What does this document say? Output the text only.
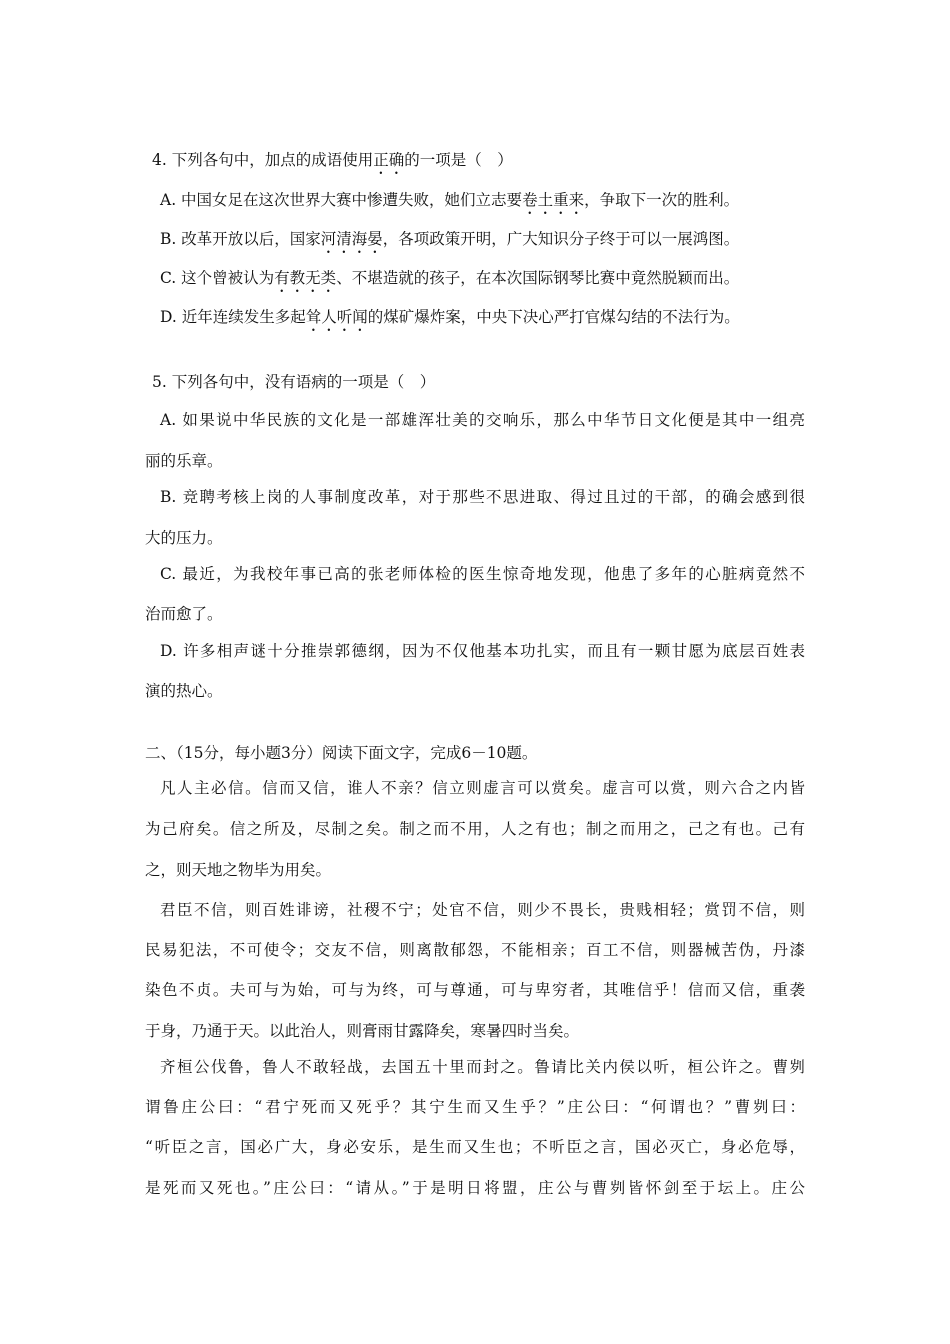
4. 下列各句中，加点的成语使用正确的一项是（　）
A. 中国女足在这次世界大赛中惨遭失败，她们立志要卷土重来，争取下一次的胜利。
B. 改革开放以后，国家河清海晏，各项政策开明，广大知识分子终于可以一展鸿图。
C. 这个曾被认为有教无类、不堪造就的孩子，在本次国际钢琴比赛中竟然脱颖而出。
D. 近年连续发生多起耸人听闻的煤矿爆炸案，中央下决心严打官煤勾结的不法行为。
5. 下列各句中，没有语病的一项是（　）
A. 如果说中华民族的文化是一部雄浑壮美的交响乐，那么中华节日文化便是其中一组亮
丽的乐章。
B. 竞聘考核上岗的人事制度改革，对于那些不思进取、得过且过的干部，的确会感到很
大的压力。
C. 最近，为我校年事已高的张老师体检的医生惊奇地发现，他患了多年的心脏病竟然不
治而愈了。
D. 许多相声谜十分推崇郭德纲，因为不仅他基本功扎实，而且有一颗甘愿为底层百姓表
演的热心。
二、（15分，每小题3分）阅读下面文字，完成6－10题。
凡人主必信。信而又信，谁人不亲？信立则虚言可以赏矣。虚言可以赏，则六合之内皆
为己府矣。信之所及，尽制之矣。制之而不用，人之有也；制之而用之，己之有也。己有
之，则天地之物毕为用矣。
君臣不信，则百姓诽谤，社稷不宁；处官不信，则少不畏长，贵贱相轻；赏罚不信，则
民易犯法，不可使令；交友不信，则离散郁怨，不能相亲；百工不信，则器械苦伪，丹漆
染色不贞。夫可与为始，可与为终，可与尊通，可与卑穷者，其唯信乎！信而又信，重袭
于身，乃通于天。以此治人，则膏雨甘露降矣，寒暑四时当矣。
齐桓公伐鲁，鲁人不敢轻战，去国五十里而封之。鲁请比关内侯以听，桓公许之。曹刿
谓鲁庄公曰：“君宁死而又死乎？其宁生而又生乎？”庄公曰：“何谓也？”曹刿曰：
“听臣之言，国必广大，身必安乐，是生而又生也；不听臣之言，国必灭亡，身必危辱，
是死而又死也。”庄公曰：“请从。”于是明日将盟，庄公与曹刿皆怀剑至于坛上。庄公
